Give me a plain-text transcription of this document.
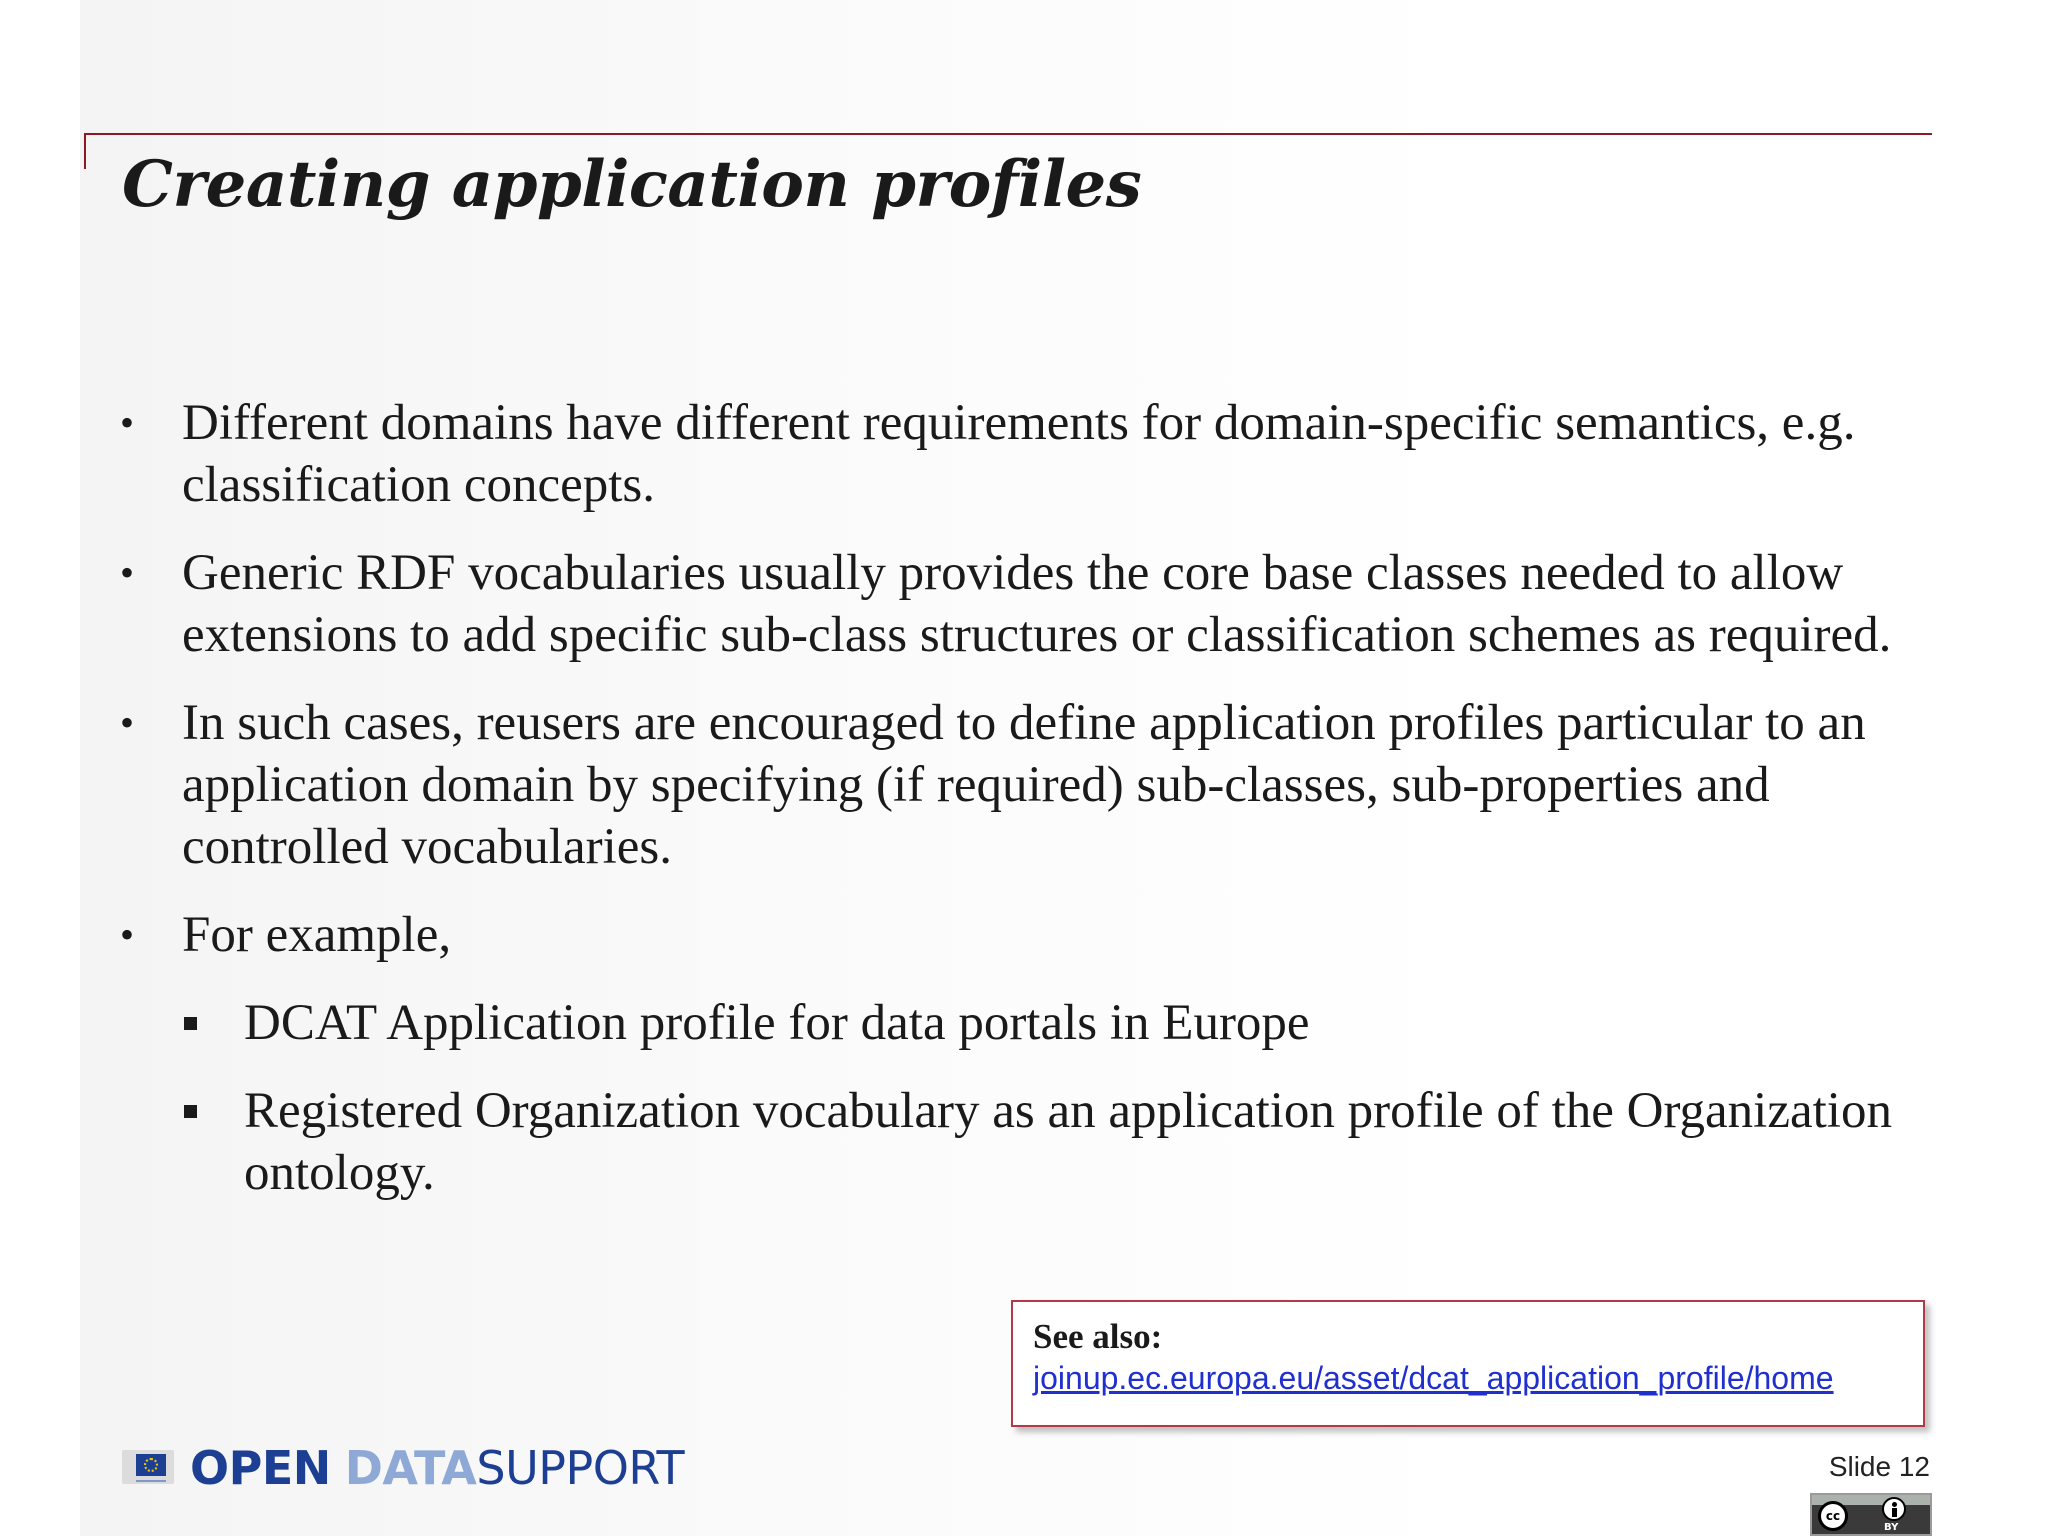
Creating application profiles
• Different domains have different requirements for domain-specific semantics, e.g. classification concepts.
• Generic RDF vocabularies usually provides the core base classes needed to allow extensions to add specific sub-class structures or classification schemes as required.
• In such cases, reusers are encouraged to define application profiles particular to an application domain by specifying (if required) sub-classes, sub-properties and controlled vocabularies.
• For example,
DCAT Application profile for data portals in Europe
Registered Organization vocabulary as an application profile of the Organization ontology.
See also:
joinup.ec.europa.eu/asset/dcat_application_profile/home
OPEN DATA SUPPORT	Slide 12
cc
BY
